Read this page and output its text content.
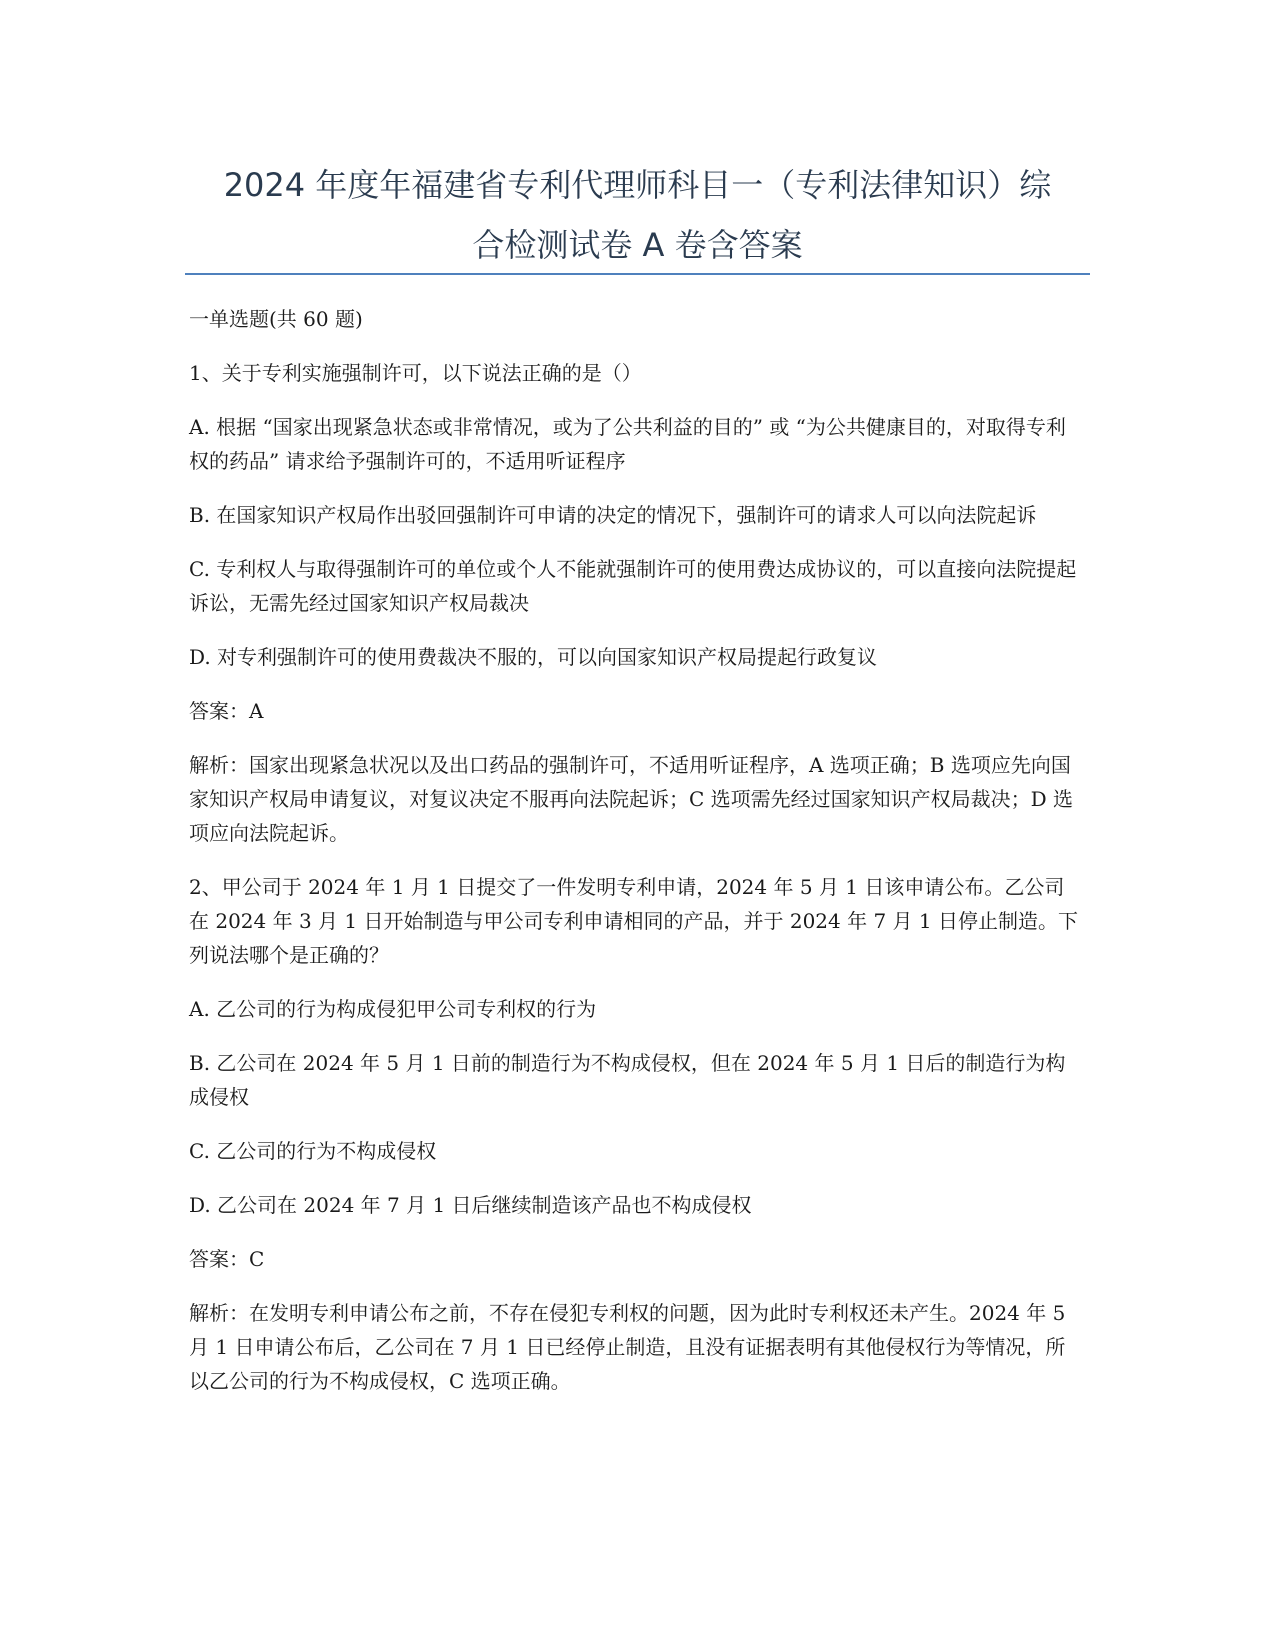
2024 年度年福建省专利代理师科目一（专利法律知识）综
合检测试卷 A 卷含答案

一单选题(共 60 题)

1、关于专利实施强制许可，以下说法正确的是（）

A. 根据 “国家出现紧急状态或非常情况，或为了公共利益的目的” 或 “为公共健康目的，对取得专利权的药品” 请求给予强制许可的，不适用听证程序

B. 在国家知识产权局作出驳回强制许可申请的决定的情况下，强制许可的请求人可以向法院起诉

C. 专利权人与取得强制许可的单位或个人不能就强制许可的使用费达成协议的，可以直接向法院提起诉讼，无需先经过国家知识产权局裁决

D. 对专利强制许可的使用费裁决不服的，可以向国家知识产权局提起行政复议

答案：A

解析：国家出现紧急状况以及出口药品的强制许可，不适用听证程序，A 选项正确；B 选项应先向国家知识产权局申请复议，对复议决定不服再向法院起诉；C 选项需先经过国家知识产权局裁决；D 选项应向法院起诉。

2、甲公司于 2024 年 1 月 1 日提交了一件发明专利申请，2024 年 5 月 1 日该申请公布。乙公司在 2024 年 3 月 1 日开始制造与甲公司专利申请相同的产品，并于 2024 年 7 月 1 日停止制造。下列说法哪个是正确的？

A. 乙公司的行为构成侵犯甲公司专利权的行为

B. 乙公司在 2024 年 5 月 1 日前的制造行为不构成侵权，但在 2024 年 5 月 1 日后的制造行为构成侵权

C. 乙公司的行为不构成侵权

D. 乙公司在 2024 年 7 月 1 日后继续制造该产品也不构成侵权

答案：C

解析：在发明专利申请公布之前，不存在侵犯专利权的问题，因为此时专利权还未产生。2024 年 5 月 1 日申请公布后，乙公司在 7 月 1 日已经停止制造，且没有证据表明有其他侵权行为等情况，所以乙公司的行为不构成侵权，C 选项正确。
